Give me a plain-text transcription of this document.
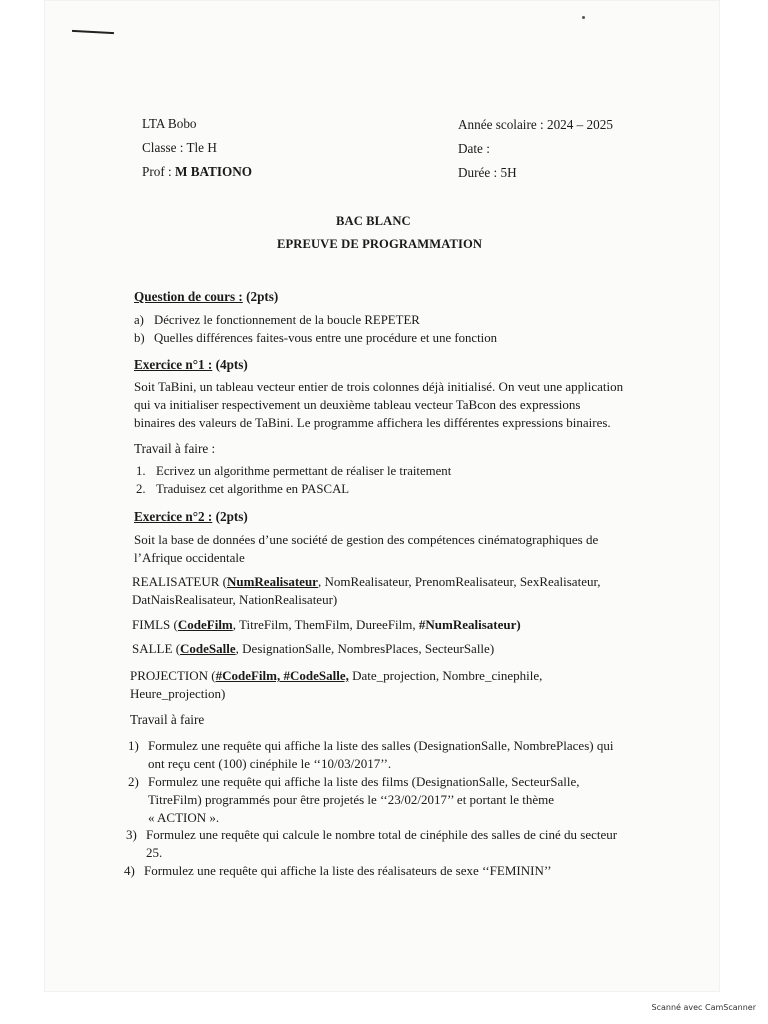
LTA Bobo
Classe : Tle H
Prof : M BATIONO
Année scolaire : 2024 – 2025
Date :
Durée : 5H
BAC BLANC
EPREUVE DE PROGRAMMATION
Question de cours : (2pts)
a) Décrivez le fonctionnement de la boucle REPETER
b) Quelles différences faites-vous entre une procédure et une fonction
Exercice n°1 : (4pts)
Soit TaBini, un tableau vecteur entier de trois colonnes déjà initialisé. On veut une application
qui va initialiser respectivement un deuxième tableau vecteur TaBcon des expressions
binaires des valeurs de TaBini. Le programme affichera les différentes expressions binaires.
Travail à faire :
1. Ecrivez un algorithme permettant de réaliser le traitement
2. Traduisez cet algorithme en PASCAL
Exercice n°2 : (2pts)
Soit la base de données d’une société de gestion des compétences cinématographiques de
l’Afrique occidentale
REALISATEUR (NumRealisateur, NomRealisateur, PrenomRealisateur, SexRealisateur,
DatNaisRealisateur, NationRealisateur)
FIMLS (CodeFilm, TitreFilm, ThemFilm, DureeFilm, #NumRealisateur)
SALLE (CodeSalle, DesignationSalle, NombresPlaces, SecteurSalle)
PROJECTION (#CodeFilm, #CodeSalle, Date_projection, Nombre_cinephile,
Heure_projection)
Travail à faire
1) Formulez une requête qui affiche la liste des salles (DesignationSalle, NombrePlaces) qui
ont reçu cent (100) cinéphile le ‘‘10/03/2017’’.
2) Formulez une requête qui affiche la liste des films (DesignationSalle, SecteurSalle,
TitreFilm) programmés pour être projetés le ‘‘23/02/2017’’ et portant le thème
« ACTION ».
3) Formulez une requête qui calcule le nombre total de cinéphile des salles de ciné du secteur
25.
4) Formulez une requête qui affiche la liste des réalisateurs de sexe ‘‘FEMININ’’
Scanné avec CamScanner
